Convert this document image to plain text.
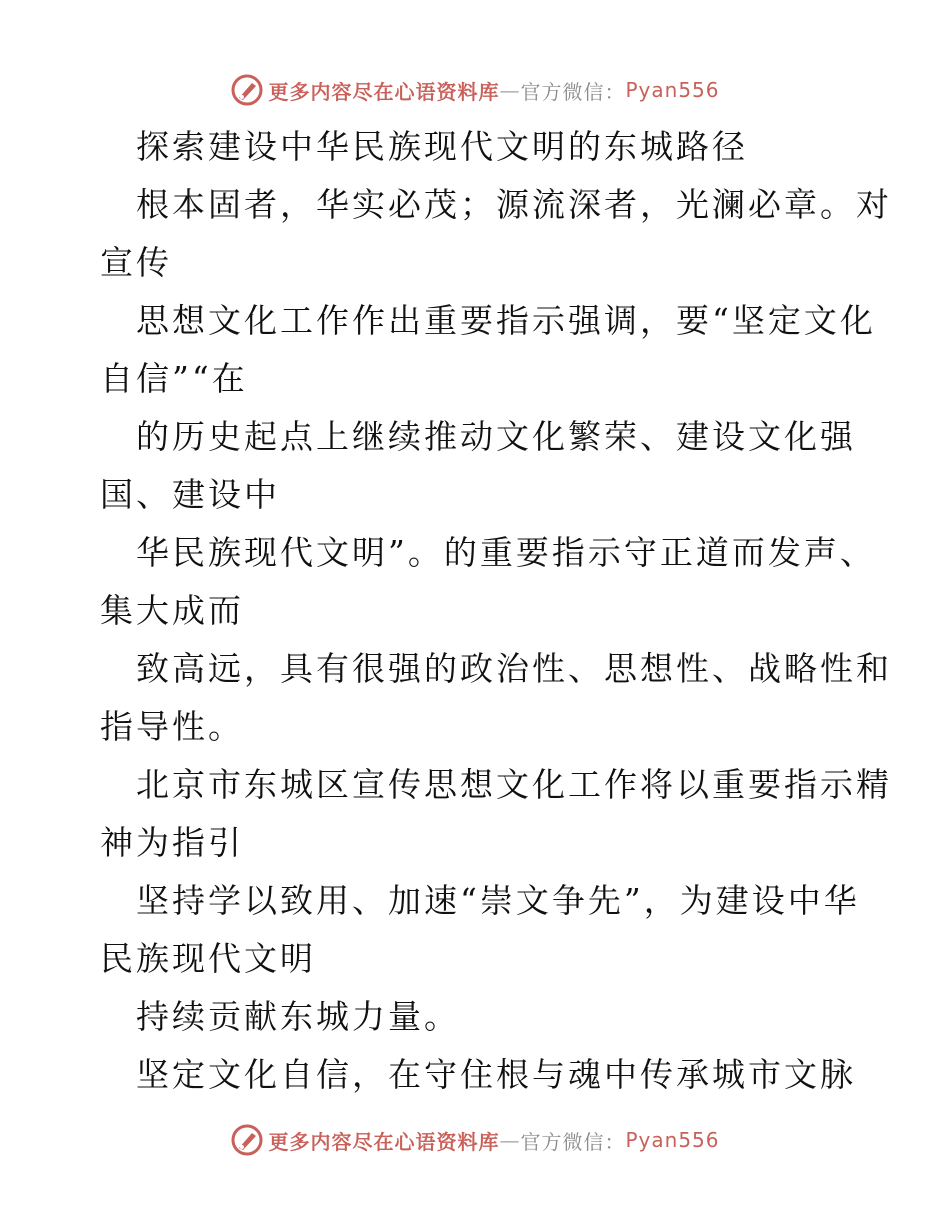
更多内容尽在心语资料库 — 官方微信： Pyan556
探索建设中华民族现代文明的东城路径
根本固者，华实必茂；源流深者，光澜必章。对
宣传
思想文化工作作出重要指示强调，要“坚定文化
自信”“在
的历史起点上继续推动文化繁荣、建设文化强
国、建设中
华民族现代文明”。的重要指示守正道而发声、
集大成而
致高远，具有很强的政治性、思想性、战略性和
指导性。
北京市东城区宣传思想文化工作将以重要指示精
神为指引
坚持学以致用、加速“崇文争先”，为建设中华
民族现代文明
持续贡献东城力量。
坚定文化自信，在守住根与魂中传承城市文脉
更多内容尽在心语资料库 — 官方微信： Pyan556
